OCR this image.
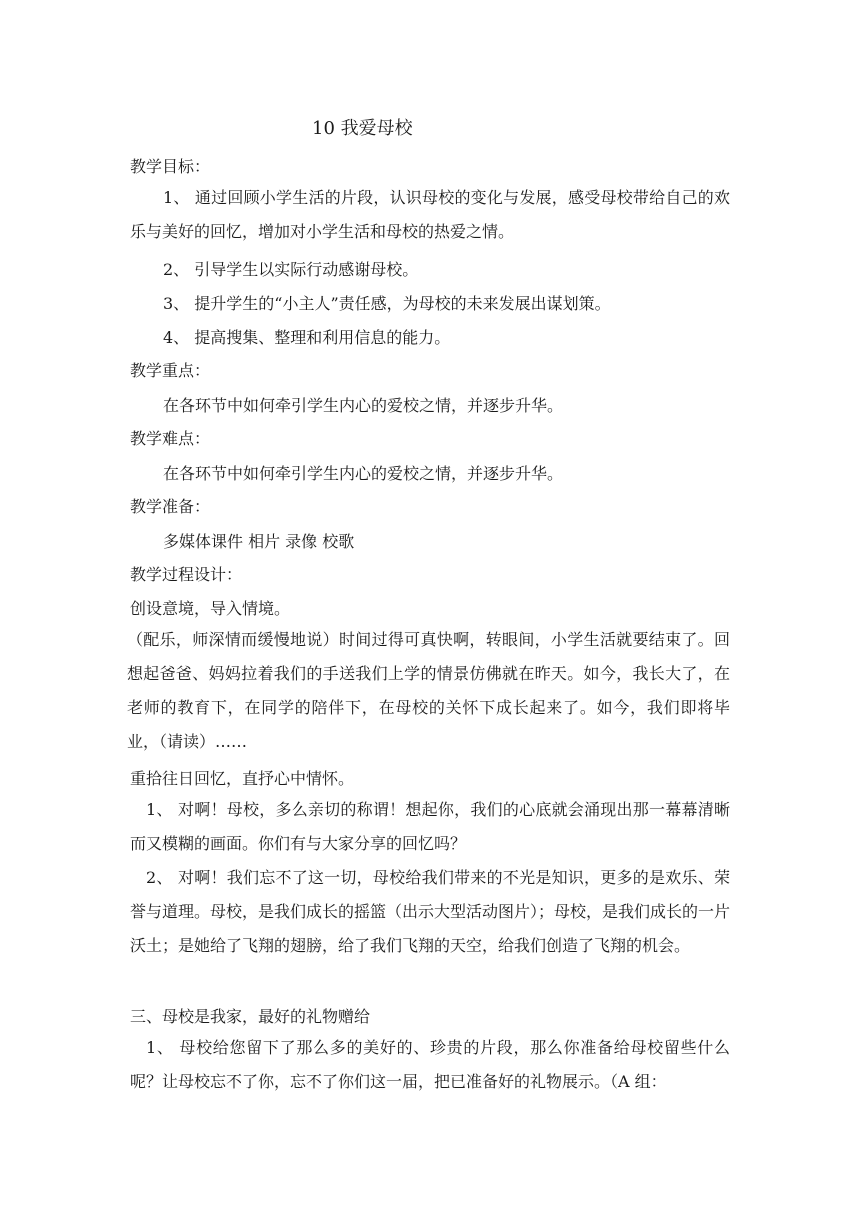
10 我爱母校
教学目标：
1、 通过回顾小学生活的片段，认识母校的变化与发展，感受母校带给自己的欢乐与美好的回忆，增加对小学生活和母校的热爱之情。
2、 引导学生以实际行动感谢母校。
3、 提升学生的“小主人”责任感，为母校的未来发展出谋划策。
4、 提高搜集、整理和利用信息的能力。
教学重点：
在各环节中如何牵引学生内心的爱校之情，并逐步升华。
教学难点：
在各环节中如何牵引学生内心的爱校之情，并逐步升华。
教学准备：
多媒体课件 相片 录像 校歌
教学过程设计：
创设意境，导入情境。
（配乐，师深情而缓慢地说）时间过得可真快啊，转眼间，小学生活就要结束了。回想起爸爸、妈妈拉着我们的手送我们上学的情景仿佛就在昨天。如今，我长大了，在老师的教育下，在同学的陪伴下，在母校的关怀下成长起来了。如今，我们即将毕业，（请读）……
重拾往日回忆，直抒心中情怀。
1、 对啊！母校，多么亲切的称谓！想起你，我们的心底就会涌现出那一幕幕清晰而又模糊的画面。你们有与大家分享的回忆吗？
2、 对啊！我们忘不了这一切，母校给我们带来的不光是知识，更多的是欢乐、荣誉与道理。母校，是我们成长的摇篮（出示大型活动图片）；母校，是我们成长的一片沃土；是她给了飞翔的翅膀，给了我们飞翔的天空，给我们创造了飞翔的机会。
三、母校是我家，最好的礼物赠给
1、 母校给您留下了那么多的美好的、珍贵的片段，那么你准备给母校留些什么呢？让母校忘不了你，忘不了你们这一届，把已准备好的礼物展示。（A 组：
